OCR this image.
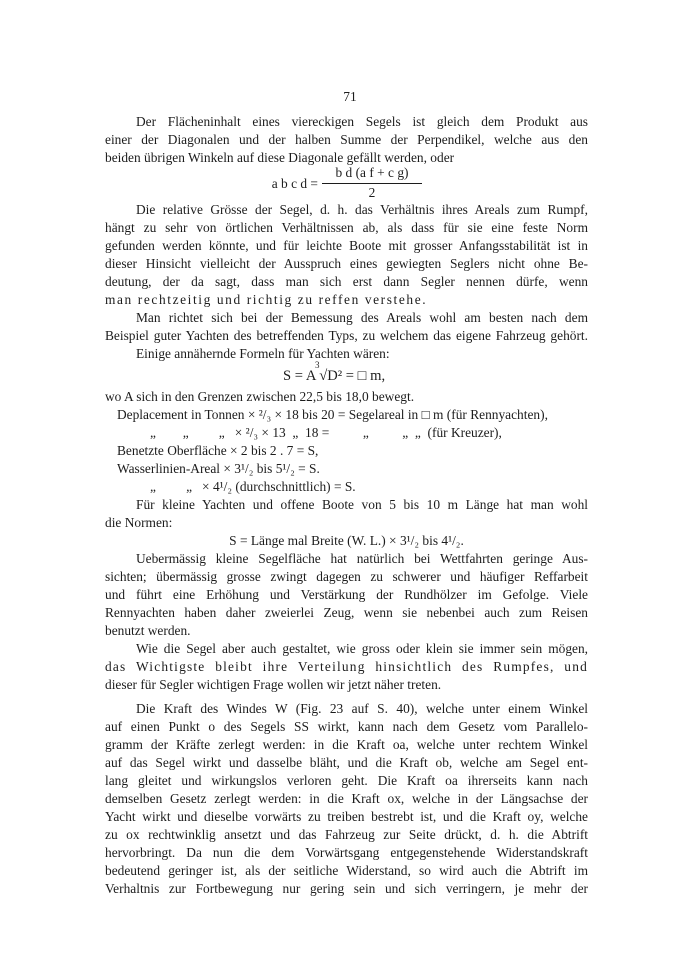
71
Der Flächeninhalt eines viereckigen Segels ist gleich dem Produkt aus
einer der Diagonalen und der halben Summe der Perpendikel, welche aus den
beiden übrigen Winkeln auf diese Diagonale gefällt werden, oder
a b c d =
b d (a f + c g)
2
Die relative Grösse der Segel, d. h. das Verhältnis ihres Areals zum Rumpf,
hängt zu sehr von örtlichen Verhältnissen ab, als dass für sie eine feste Norm
gefunden werden könnte, und für leichte Boote mit grosser Anfangsstabilität ist in
dieser Hinsicht vielleicht der Ausspruch eines gewiegten Seglers nicht ohne Be-
deutung, der da sagt, dass man sich erst dann Segler nennen dürfe, wenn
man rechtzeitig und richtig zu reffen verstehe.
Man richtet sich bei der Bemessung des Areals wohl am besten nach dem
Beispiel guter Yachten des betreffenden Typs, zu welchem das eigene Fahrzeug gehört.
Einige annähernde Formeln für Yachten wären:
3
S = A √D² = □ m,
wo A sich in den Grenzen zwischen 22,5 bis 18,0 bewegt.
Deplacement in Tonnen × ²/₃ × 18 bis 20 = Segelareal in □ m (für Rennyachten),
„        „         „   × ²/₃ × 13  „  18 =          „          „  „  (für Kreuzer),
Benetzte Oberfläche × 2 bis 2 . 7 = S,
Wasserlinien-Areal × 3¹/₂ bis 5¹/₂ = S.
„         „   × 4¹/₂ (durchschnittlich) = S.
Für kleine Yachten und offene Boote von 5 bis 10 m Länge hat man wohl
die Normen:
S = Länge mal Breite (W. L.) × 3¹/₂ bis 4¹/₂.
Uebermässig kleine Segelfläche hat natürlich bei Wettfahrten geringe Aus-
sichten; übermässig grosse zwingt dagegen zu schwerer und häufiger Reffarbeit
und führt eine Erhöhung und Verstärkung der Rundhölzer im Gefolge. Viele
Rennyachten haben daher zweierlei Zeug, wenn sie nebenbei auch zum Reisen
benutzt werden.
Wie die Segel aber auch gestaltet, wie gross oder klein sie immer sein mögen,
das Wichtigste bleibt ihre Verteilung hinsichtlich des Rumpfes, und
dieser für Segler wichtigen Frage wollen wir jetzt näher treten.
Die Kraft des Windes W (Fig. 23 auf S. 40), welche unter einem Winkel
auf einen Punkt o des Segels SS wirkt, kann nach dem Gesetz vom Parallelo-
gramm der Kräfte zerlegt werden: in die Kraft oa, welche unter rechtem Winkel
auf das Segel wirkt und dasselbe bläht, und die Kraft ob, welche am Segel ent-
lang gleitet und wirkungslos verloren geht. Die Kraft oa ihrerseits kann nach
demselben Gesetz zerlegt werden: in die Kraft ox, welche in der Längsachse der
Yacht wirkt und dieselbe vorwärts zu treiben bestrebt ist, und die Kraft oy, welche
zu ox rechtwinklig ansetzt und das Fahrzeug zur Seite drückt, d. h. die Abtrift
hervorbringt. Da nun die dem Vorwärtsgang entgegenstehende Widerstandskraft
bedeutend geringer ist, als der seitliche Widerstand, so wird auch die Abtrift im
Verhaltnis zur Fortbewegung nur gering sein und sich verringern, je mehr der
